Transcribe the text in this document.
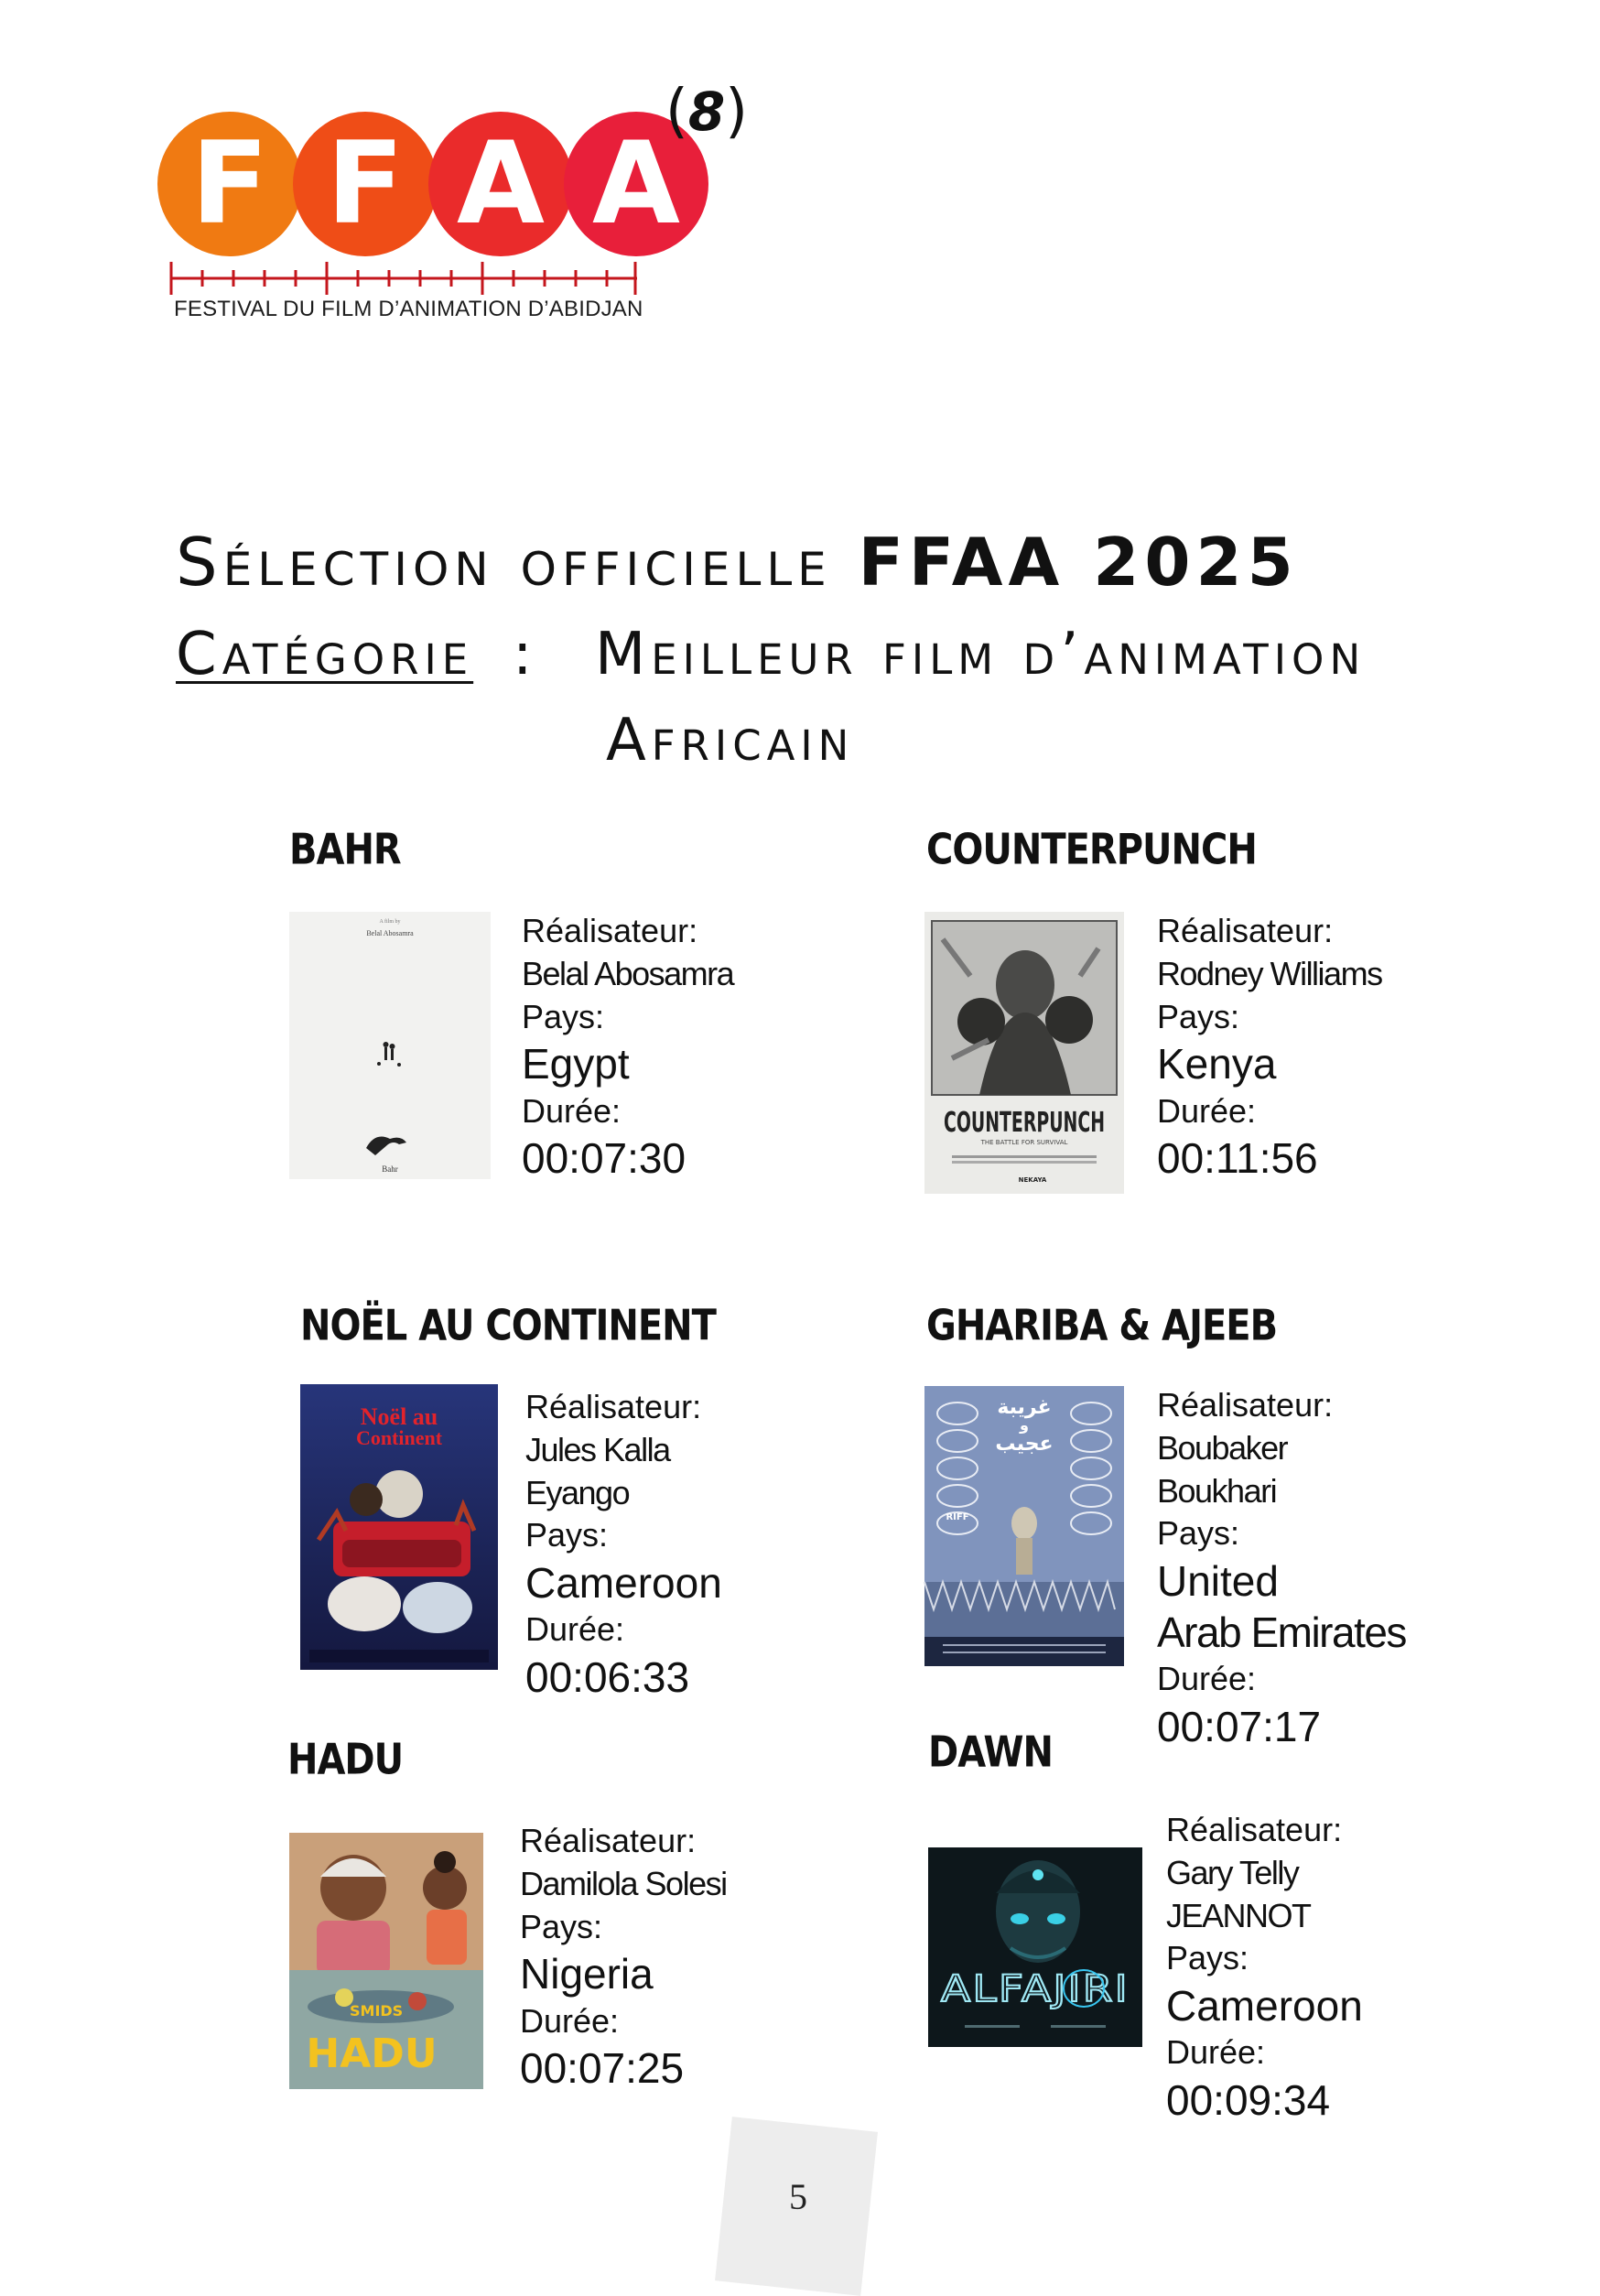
F F A A
( 8 )
FESTIVAL DU FILM D’ANIMATION D’ABIDJAN
Sélection officielle FFAA 2025
Catégorie : Meilleur film d’animation
Africain
BAHR
A film by
Belal Abosamra
Bahr
Réalisateur:
Belal Abosamra
Pays:
Egypt
Durée:
00:07:30
COUNTERPUNCH
COUNTERPUNCH
THE BATTLE FOR SURVIVAL
NEKAYA
Réalisateur:
Rodney Williams
Pays:
Kenya
Durée:
00:11:56
NOËL AU CONTINENT
Noël au
Continent
Réalisateur:
Jules Kalla
Eyango
Pays:
Cameroon
Durée:
00:06:33
GHARIBA & AJEEB
غريبة
و
عجيب
RIFF
Réalisateur:
Boubaker
Boukhari
Pays:
United
Arab Emirates
Durée:
00:07:17
HADU
SMIDS
HADU
Réalisateur:
Damilola Solesi
Pays:
Nigeria
Durée:
00:07:25
DAWN
ALFAJIRI
Réalisateur:
Gary Telly
JEANNOT
Pays:
Cameroon
Durée:
00:09:34
5
